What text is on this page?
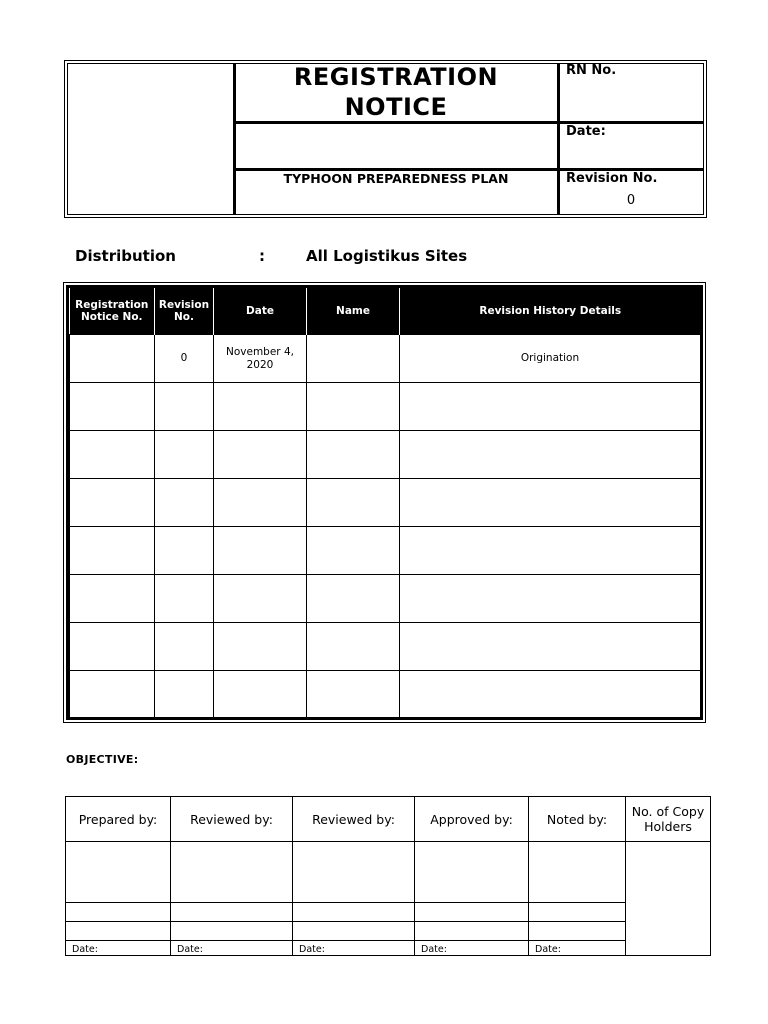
REGISTRATION
NOTICE
RN No.
Date:
TYPHOON PREPAREDNESS PLAN	Revision No.
0
Distribution	:	All Logistikus Sites
Registration Notice No.	Revision No.	Date	Name	Revision History Details
	0	November 4, 2020		Origination

OBJECTIVE:
Prepared by:	Reviewed by:	Reviewed by:	Approved by:	Noted by:	No. of Copy Holders

Date:	Date:	Date:	Date:	Date:	
